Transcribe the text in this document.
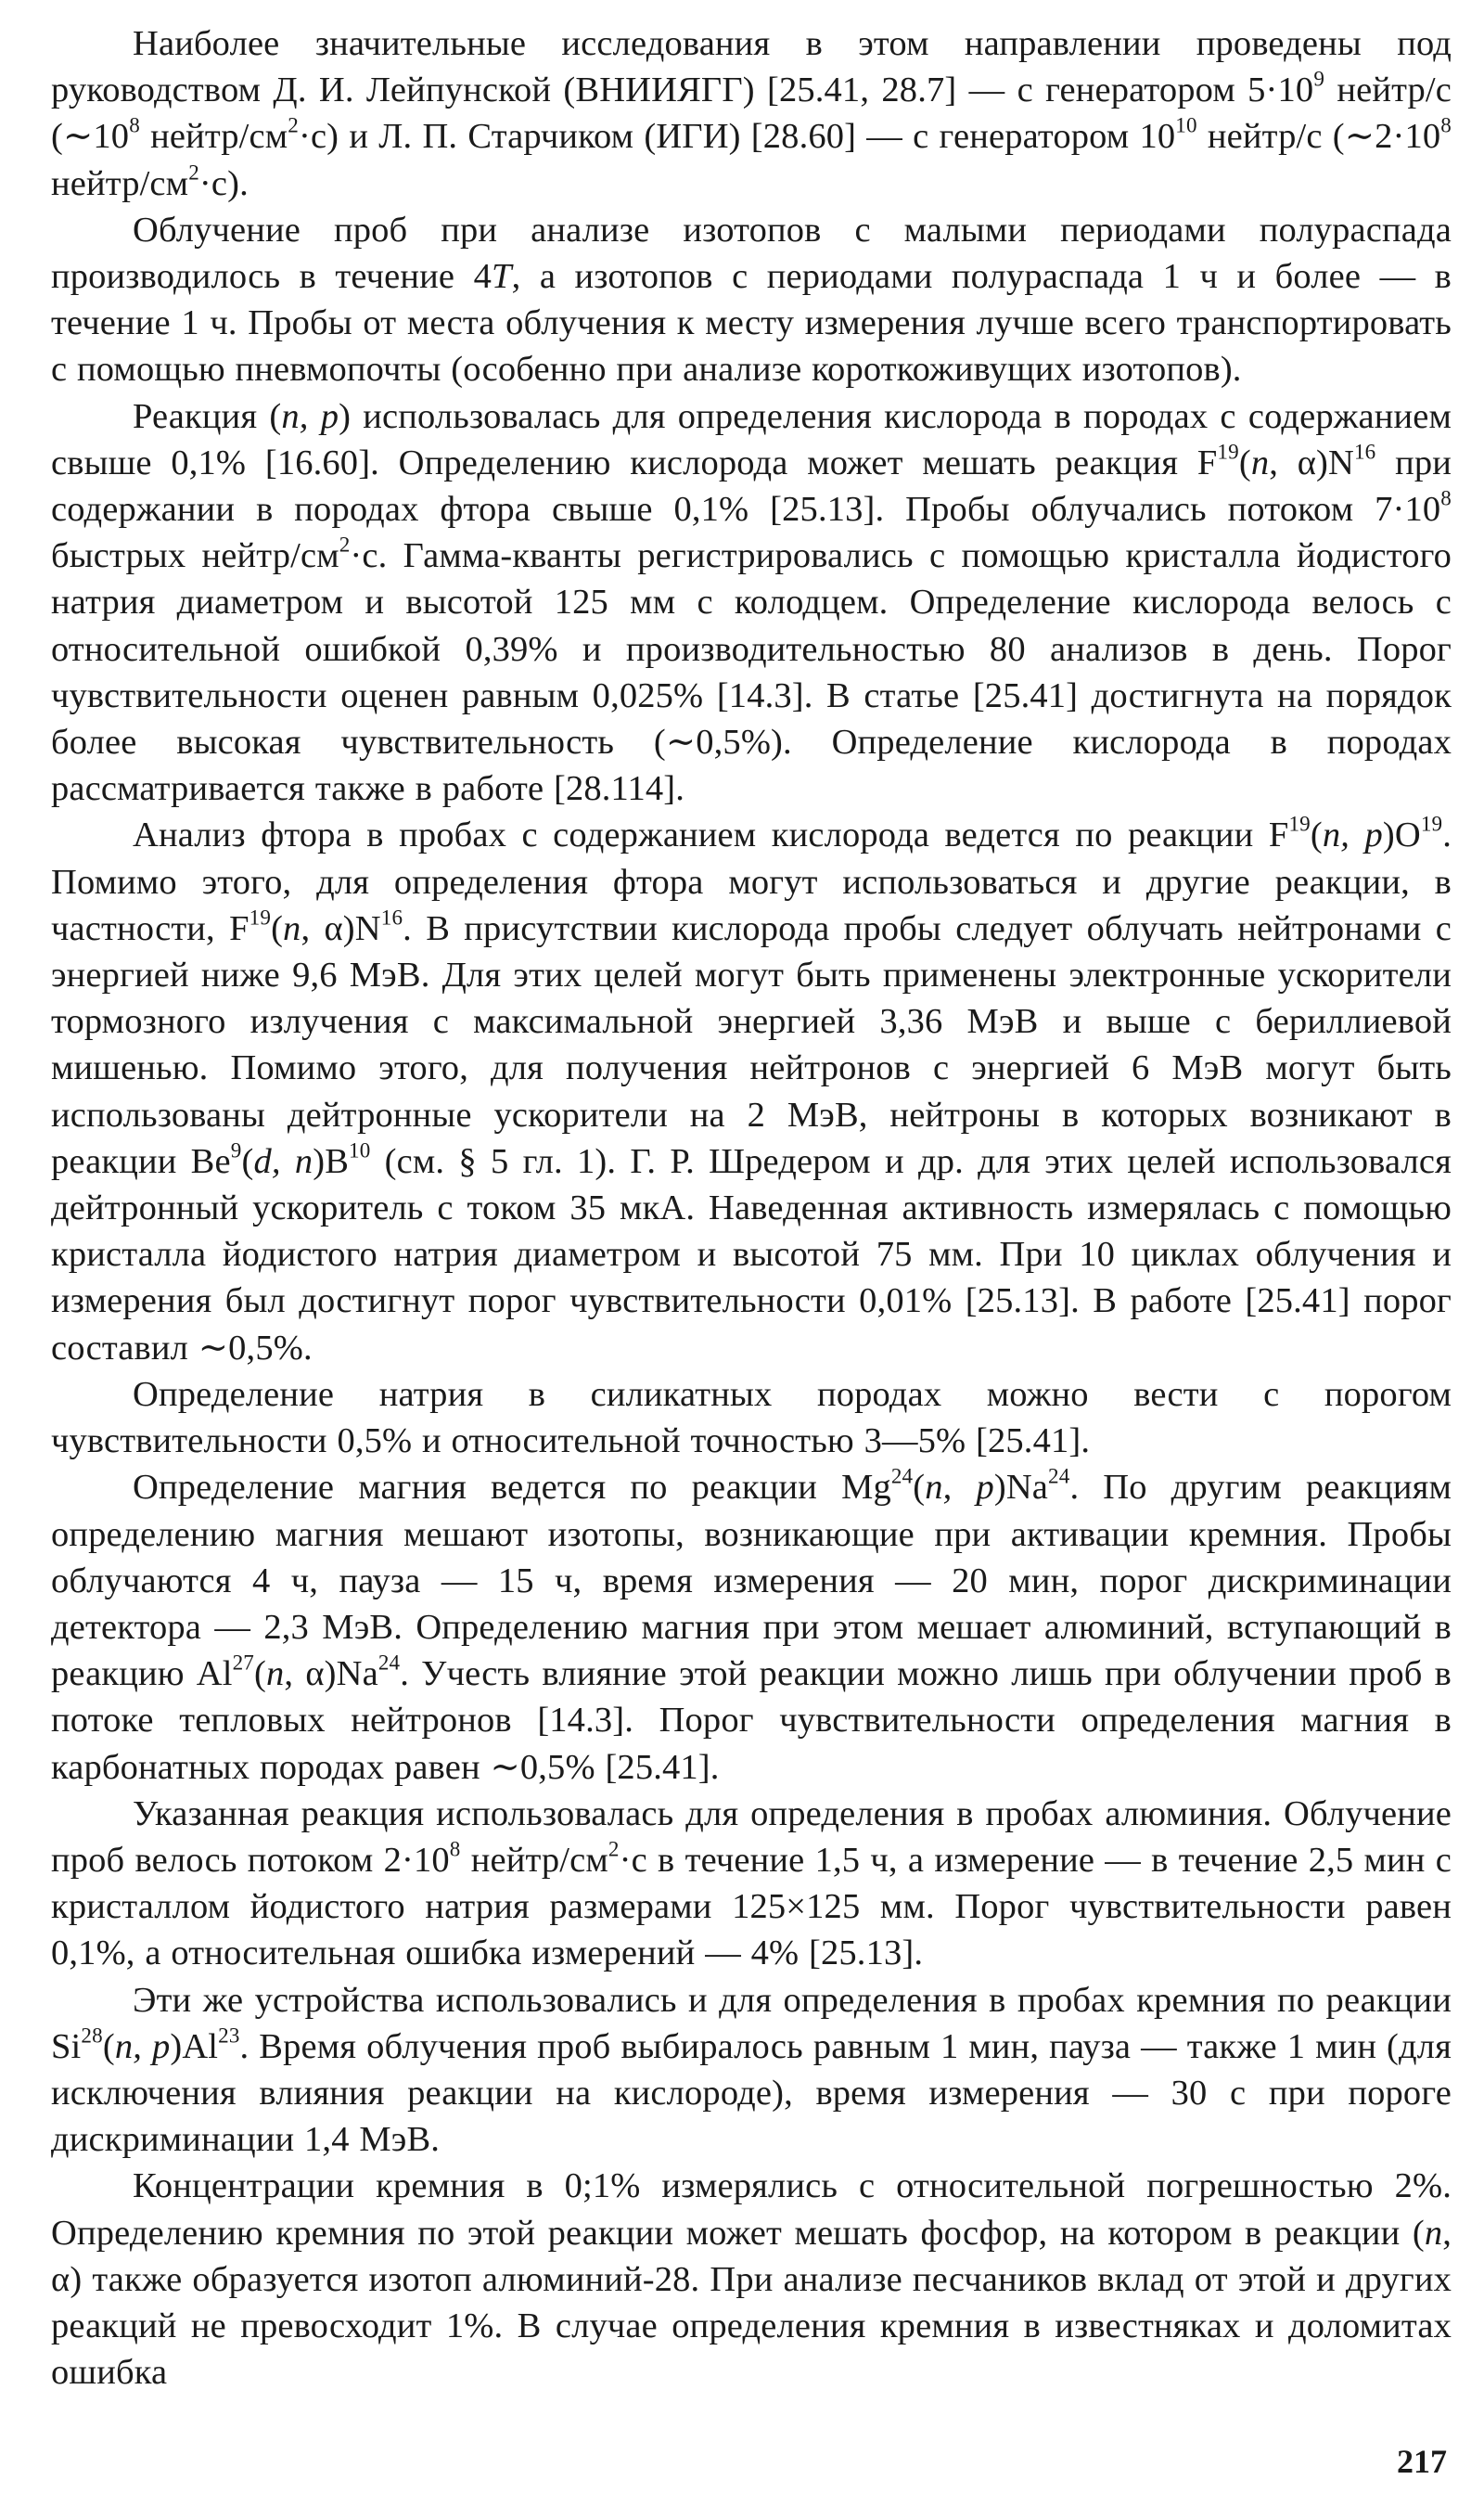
Наиболее значительные исследования в этом направлении проведены под руководством Д. И. Лейпунской (ВНИИЯГГ) [25.41, 28.7] — с генератором $5\cdot 10^9$ нейтр/с ($\sim 10^8$ нейтр/$см^2\cdot с$) и Л. П. Старчиком (ИГИ) [28.60] — с генератором $10^{10}$ нейтр/с ($\sim 2\cdot 10^8$ нейтр/$см^2\cdot с$).

Облучение проб при анализе изотопов с малыми периодами полураспада производилось в течение 4T, а изотопов с периодами полураспада 1 ч и более — в течение 1 ч. Пробы от места облучения к месту измерения лучше всего транспортировать с помощью пневмопочты (особенно при анализе короткоживущих изотопов).

Реакция (n, p) использовалась для определения кислорода в породах с содержанием свыше 0,1% [16.60]. Определению кислорода может мешать реакция $F^{19}(n$, $\alpha)N^{16}$ при содержании в породах фтора свыше 0,1% [25.13]. Пробы облучались потоком $7\cdot 10^8$ быстрых нейтр/$см^2\cdot с$. Гамма-кванты регистрировались с помощью кристалла йодистого натрия диаметром и высотой 125 мм с колодцем. Определение кислорода велось с относительной ошибкой 0,39% и производительностью 80 анализов в день. Порог чувствительности оценен равным 0,025% [14.3]. В статье [25.41] достигнута на порядок более высокая чувствительность (∼0,5%). Определение кислорода в породах рассматривается также в работе [28.114].

Анализ фтора в пробах с содержанием кислорода ведется по реакции $F^{19}(n$, $p)O^{19}$. Помимо этого, для определения фтора могут использоваться и другие реакции, в частности, $F^{19}(n$, $\alpha)N^{16}$. В присутствии кислорода пробы следует облучать нейтронами с энергией ниже 9,6 МэВ. Для этих целей могут быть применены электронные ускорители тормозного излучения с максимальной энергией 3,36 МэВ и выше с бериллиевой мишенью. Помимо этого, для получения нейтронов с энергией 6 МэВ могут быть использованы дейтронные ускорители на 2 МэВ, нейтроны в которых возникают в реакции Be$^9$(d, $n)B^{10}$ (см. § 5 гл. 1). Г. Р. Шредером и др. для этих целей использовался дейтронный ускоритель с током 35 мкА. Наведенная активность измерялась с помощью кристалла йодистого натрия диаметром и высотой 75 мм. При 10 циклах облучения и измерения был достигнут порог чувствительности 0,01% [25.13]. В работе [25.41] порог составил ∼0,5%.

Определение натрия в силикатных породах можно вести с порогом чувствительности 0,5% и относительной точностью 3—5% [25.41].

Определение магния ведется по реакции Mg$^{24}$(n, p)Na$^{24}$. По другим реакциям определению магния мешают изотопы, возникающие при активации кремния. Пробы облучаются 4 ч, пауза — 15 ч, время измерения — 20 мин, порог дискриминации детектора — 2,3 МэВ. Определению магния при этом мешает алюминий, вступающий в реакцию Al$^{27}$(n, α)Na$^{24}$. Учесть влияние этой реакции можно лишь при облучении проб в потоке тепловых нейтронов [14.3]. Порог чувствительности определения магния в карбонатных породах равен ∼0,5% [25.41].

Указанная реакция использовалась для определения в пробах алюминия. Облучение проб велось потоком $2\cdot 10^8$ нейтр/$см^2\cdot с$ в течение 1,5 ч, а измерение — в течение 2,5 мин с кристаллом йодистого натрия размерами 125×125 мм. Порог чувствительности равен 0,1%, а относительная ошибка измерений — 4% [25.13].

Эти же устройства использовались и для определения в пробах кремния по реакции Si$^{28}$(n, p)Al$^{23}$. Время облучения проб выбиралось равным 1 мин, пауза — также 1 мин (для исключения влияния реакции на кислороде), время измерения — 30 с при пороге дискриминации 1,4 МэВ.

Концентрации кремния в 0;1% измерялись с относительной погрешностью 2%. Определению кремния по этой реакции может мешать фосфор, на котором в реакции (n, α) также образуется изотоп алюминий-28. При анализе песчаников вклад от этой и других реакций не превосходит 1%. В случае определения кремния в известняках и доломитах ошибка

217
